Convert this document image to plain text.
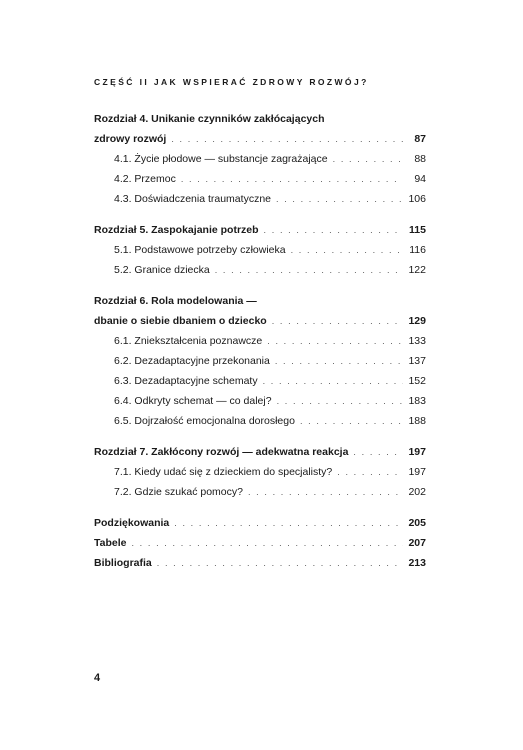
CZĘŚĆ II JAK WSPIERAĆ ZDROWY ROZWÓJ?
Rozdział 4. Unikanie czynników zakłócających
zdrowy rozwój . . .	87
4.1. Życie płodowe — substancje zagrażające . . .	88
4.2. Przemoc . . .	94
4.3. Doświadczenia traumatyczne . . .	106
Rozdział 5. Zaspokajanie potrzeb . . .	115
5.1. Podstawowe potrzeby człowieka . . .	116
5.2. Granice dziecka . . .	122
Rozdział 6. Rola modelowania —
dbanie o siebie dbaniem o dziecko . . .	129
6.1. Zniekształcenia poznawcze . . .	133
6.2. Dezadaptacyjne przekonania . . .	137
6.3. Dezadaptacyjne schematy . . .	152
6.4. Odkryty schemat — co dalej? . . .	183
6.5. Dojrzałość emocjonalna dorosłego . . .	188
Rozdział 7. Zakłócony rozwój — adekwatna reakcja . . .	197
7.1. Kiedy udać się z dzieckiem do specjalisty? . . .	197
7.2. Gdzie szukać pomocy? . . .	202
Podziękowania . . .	205
Tabele . . .	207
Bibliografia . . .	213
4
